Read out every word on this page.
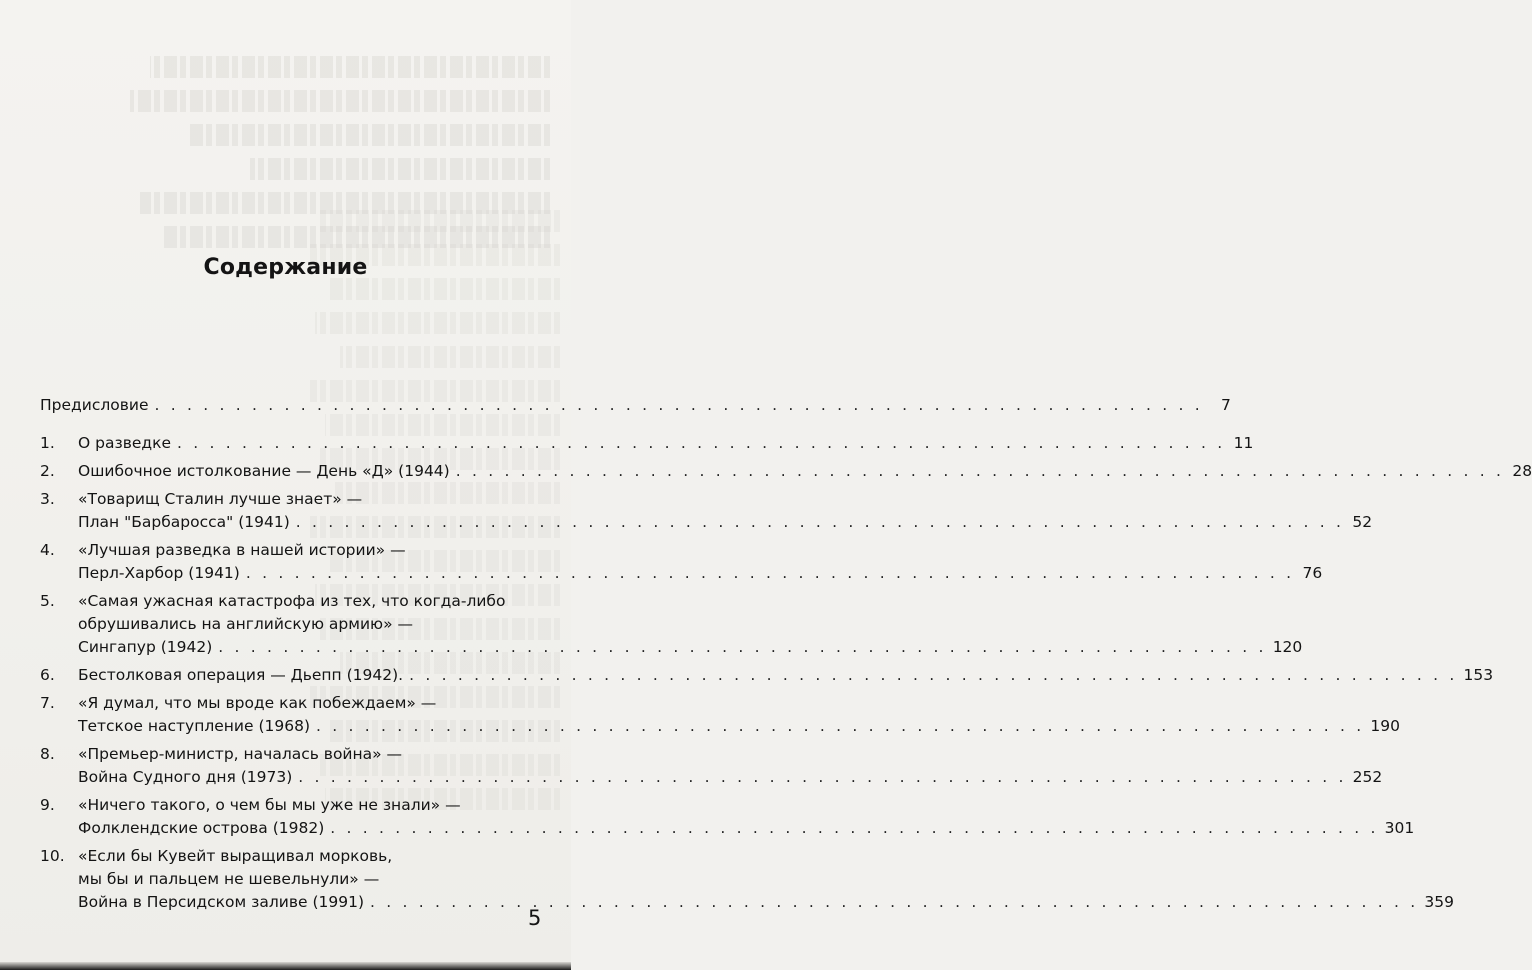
Содержание
Предисловие . . .	7
1.	О разведке . . .	11
2.	Ошибочное истолкование — День «Д» (1944) . . .	28
3.	«Товарищ Сталин лучше знает» —
План "Барбаросса" (1941) . . .	52
4.	«Лучшая разведка в нашей истории» —
Перл-Харбор (1941) . . .	76
5.	«Самая ужасная катастрофа из тех, что когда-либо
обрушивались на английскую армию» —
Сингапур (1942) . . .	120
6.	Бестолковая операция — Дьепп (1942). . . .	153
7.	«Я думал, что мы вроде как побеждаем» —
Тетское наступление (1968) . . .	190
8.	«Премьер-министр, началась война» —
Война Судного дня (1973) . . .	252
9.	«Ничего такого, о чем бы мы уже не знали» —
Фолклендские острова (1982) . . .	301
10. «Если бы Кувейт выращивал морковь,
мы бы и пальцем не шевельнули» —
Война в Персидском заливе (1991) . . .	359
5
